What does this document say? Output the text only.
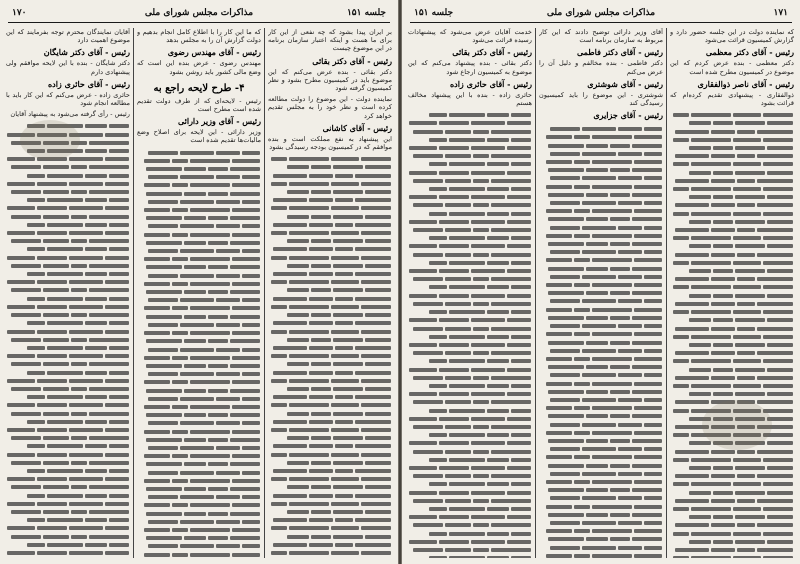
۱۷۰	مذاکرات مجلس شورای ملی	جلسه ۱۵۱

بر ایران پیدا بشود که چه نفعی از این کار برای ما هست و اینکه اعتبار سازمان برنامه در این موضوع چیست

رئیس - آقای دکتر بقائی

دکتر بقائی - بنده عرض می‌کنم که این موضوع باید در کمیسیون مطرح بشود و نظر کمیسیون گرفته شود

نماینده دولت - این موضوع را دولت مطالعه کرده است و نظر خود را به مجلس تقدیم خواهد کرد

رئیس - آقای کاشانی

این پیشنهاد به نفع مملکت است و بنده موافقم که در کمیسیون بودجه رسیدگی بشود

که ما این کار را با اطلاع کامل انجام بدهیم و دولت گزارش آن را به مجلس بدهد

رئیس - آقای مهندس رضوی

مهندس رضوی - عرض بنده این است که وضع مالی کشور باید روشن بشود

۴- طرح لایحه راجع به

رئیس - لایحه‌ای که از طرف دولت تقدیم شده است مطرح است

رئیس - آقای وزیر دارائی

وزیر دارائی - این لایحه برای اصلاح وضع مالیات‌ها تقدیم شده است

آقایان نمایندگان محترم توجه بفرمایند که این موضوع اهمیت دارد

رئیس - آقای دکتر شایگان

دکتر شایگان - بنده با این لایحه موافقم ولی پیشنهادی دارم

رئیس - آقای حائری زاده

حائری زاده - عرض می‌کنم که این کار باید با مطالعه انجام شود

رئیس - رأی گرفته می‌شود به پیشنهاد آقایان

۱۷۱
مذاکرات مجلس شورای ملی
جلسه ۱۵۱

که نماینده دولت در این جلسه حضور دارد و گزارش کمیسیون قرائت می‌شود

رئیس - آقای دکتر معظمی

دکتر معظمی - بنده عرض کردم که این موضوع در کمیسیون مطرح شده است

رئیس - آقای ناصر ذوالفقاری

ذوالفقاری - پیشنهادی تقدیم کرده‌ام که قرائت بشود

آقای وزیر دارائی توضیح دادند که این کار مربوط به سازمان برنامه است

رئیس - آقای دکتر فاطمی

دکتر فاطمی - بنده مخالفم و دلیل آن را عرض می‌کنم

رئیس - آقای شوشتری

شوشتری - این موضوع را باید کمیسیون رسیدگی کند

رئیس - آقای جزایری

خدمت آقایان عرض می‌شود که پیشنهادات رسیده قرائت می‌شود

رئیس - آقای دکتر بقائی

دکتر بقائی - بنده پیشنهاد می‌کنم که این موضوع به کمیسیون ارجاع شود

رئیس - آقای حائری زاده

حائری زاده - بنده با این پیشنهاد مخالف هستم
